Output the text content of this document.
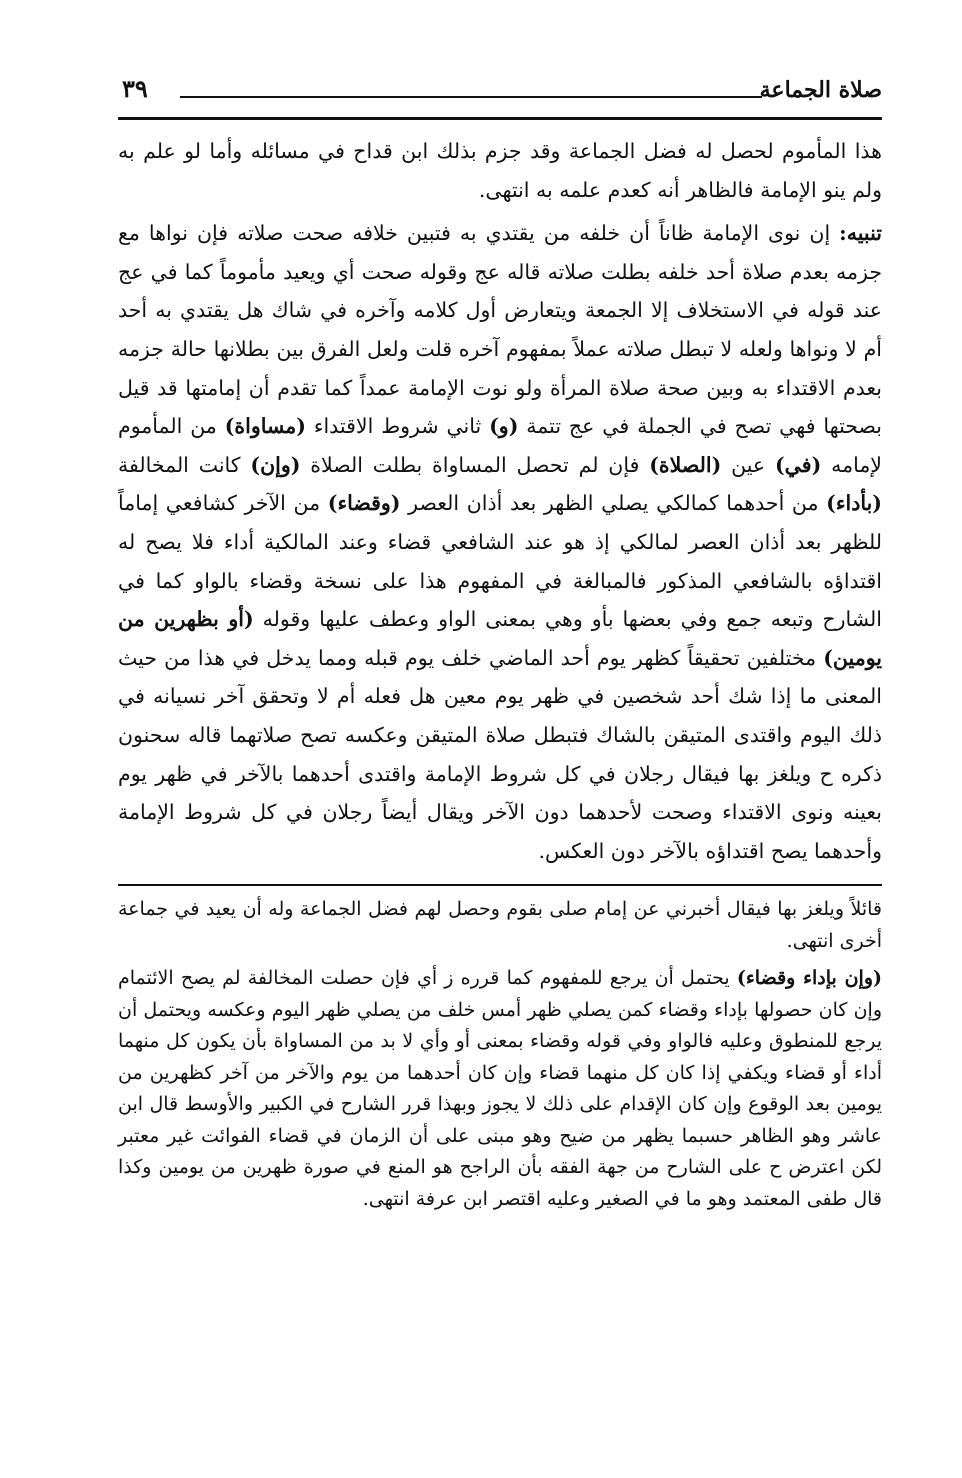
صلاة الجماعة
٣٩

هذا المأموم لحصل له فضل الجماعة وقد جزم بذلك ابن قداح في مسائله وأما لو علم به ولم ينو الإمامة فالظاهر أنه كعدم علمه به انتهى.

تنبيه: إن نوى الإمامة ظاناً أن خلفه من يقتدي به فتبين خلافه صحت صلاته فإن نواها مع جزمه بعدم صلاة أحد خلفه بطلت صلاته قاله عج وقوله صحت أي ويعيد مأموماً كما في عج عند قوله في الاستخلاف إلا الجمعة ويتعارض أول كلامه وآخره في شاك هل يقتدي به أحد أم لا ونواها ولعله لا تبطل صلاته عملاً بمفهوم آخره قلت ولعل الفرق بين بطلانها حالة جزمه بعدم الاقتداء به وبين صحة صلاة المرأة ولو نوت الإمامة عمداً كما تقدم أن إمامتها قد قيل بصحتها فهي تصح في الجملة في عج تتمة (و) ثاني شروط الاقتداء (مساواة) من المأموم لإمامه (في) عين (الصلاة) فإن لم تحصل المساواة بطلت الصلاة (وإن) كانت المخالفة (بأداء) من أحدهما كمالكي يصلي الظهر بعد أذان العصر (وقضاء) من الآخر كشافعي إماماً للظهر بعد أذان العصر لمالكي إذ هو عند الشافعي قضاء وعند المالكية أداء فلا يصح له اقتداؤه بالشافعي المذكور فالمبالغة في المفهوم هذا على نسخة وقضاء بالواو كما في الشارح وتبعه جمع وفي بعضها بأو وهي بمعنى الواو وعطف عليها وقوله (أو بظهرين من يومين) مختلفين تحقيقاً كظهر يوم أحد الماضي خلف يوم قبله ومما يدخل في هذا من حيث المعنى ما إذا شك أحد شخصين في ظهر يوم معين هل فعله أم لا وتحقق آخر نسيانه في ذلك اليوم واقتدى المتيقن بالشاك فتبطل صلاة المتيقن وعكسه تصح صلاتهما قاله سحنون ذكره ح ويلغز بها فيقال رجلان في كل شروط الإمامة واقتدى أحدهما بالآخر في ظهر يوم بعينه ونوى الاقتداء وصحت لأحدهما دون الآخر ويقال أيضاً رجلان في كل شروط الإمامة وأحدهما يصح اقتداؤه بالآخر دون العكس.

قائلاً ويلغز بها فيقال أخبرني عن إمام صلى بقوم وحصل لهم فضل الجماعة وله أن يعيد في جماعة أخرى انتهى.

(وإن بإداء وقضاء) يحتمل أن يرجع للمفهوم كما قرره ز أي فإن حصلت المخالفة لم يصح الائتمام وإن كان حصولها بإداء وقضاء كمن يصلي ظهر أمس خلف من يصلي ظهر اليوم وعكسه ويحتمل أن يرجع للمنطوق وعليه فالواو وفي قوله وقضاء بمعنى أو وأي لا بد من المساواة بأن يكون كل منهما أداء أو قضاء ويكفي إذا كان كل منهما قضاء وإن كان أحدهما من يوم والآخر من آخر كظهرين من يومين بعد الوقوع وإن كان الإقدام على ذلك لا يجوز وبهذا قرر الشارح في الكبير والأوسط قال ابن عاشر وهو الظاهر حسبما يظهر من ضيح وهو مبنى على أن الزمان في قضاء الفوائت غير معتبر لكن اعترض ح على الشارح من جهة الفقه بأن الراجح هو المنع في صورة ظهرين من يومين وكذا قال طفى المعتمد وهو ما في الصغير وعليه اقتصر ابن عرفة انتهى.
